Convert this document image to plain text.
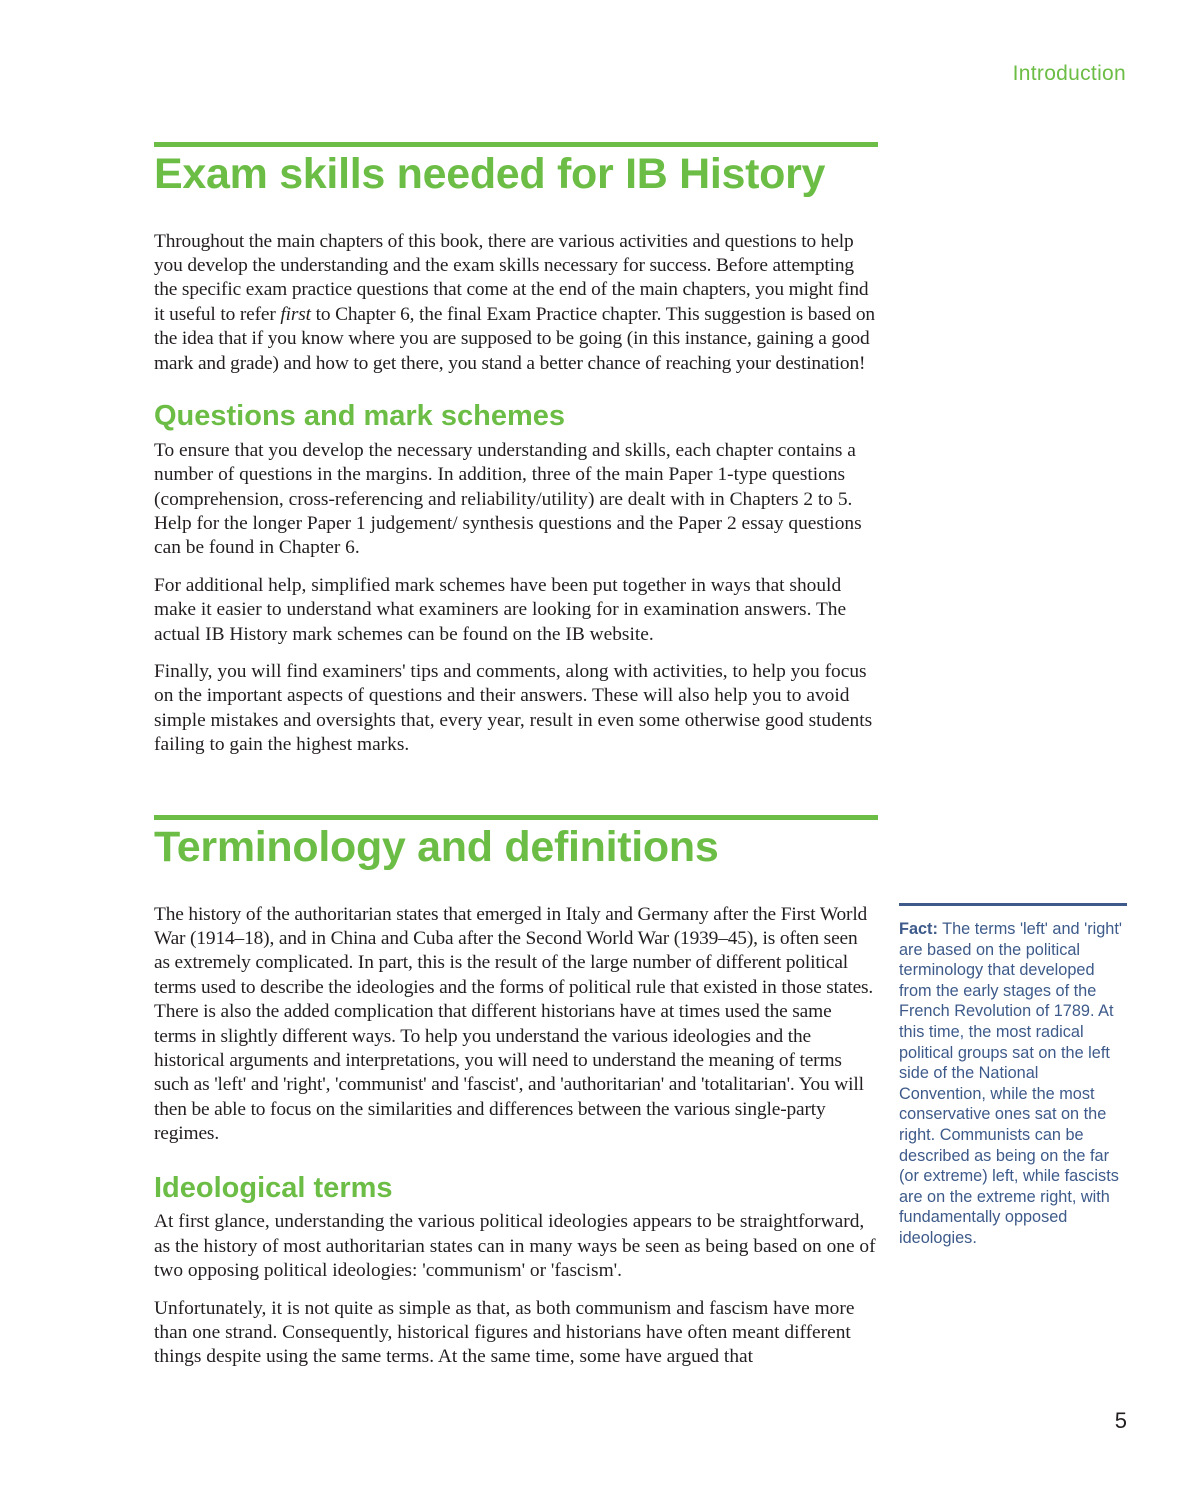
Introduction
Exam skills needed for IB History

Throughout the main chapters of this book, there are various activities and questions to help you develop the understanding and the exam skills necessary for success. Before attempting the specific exam practice questions that come at the end of the main chapters, you might find it useful to refer first to Chapter 6, the final Exam Practice chapter. This suggestion is based on the idea that if you know where you are supposed to be going (in this instance, gaining a good mark and grade) and how to get there, you stand a better chance of reaching your destination!

Questions and mark schemes

To ensure that you develop the necessary understanding and skills, each chapter contains a number of questions in the margins. In addition, three of the main Paper 1-type questions (comprehension, cross-referencing and reliability/utility) are dealt with in Chapters 2 to 5. Help for the longer Paper 1 judgement/ synthesis questions and the Paper 2 essay questions can be found in Chapter 6.

For additional help, simplified mark schemes have been put together in ways that should make it easier to understand what examiners are looking for in examination answers. The actual IB History mark schemes can be found on the IB website.

Finally, you will find examiners' tips and comments, along with activities, to help you focus on the important aspects of questions and their answers. These will also help you to avoid simple mistakes and oversights that, every year, result in even some otherwise good students failing to gain the highest marks.

Terminology and definitions

The history of the authoritarian states that emerged in Italy and Germany after the First World War (1914–18), and in China and Cuba after the Second World War (1939–45), is often seen as extremely complicated. In part, this is the result of the large number of different political terms used to describe the ideologies and the forms of political rule that existed in those states. There is also the added complication that different historians have at times used the same terms in slightly different ways. To help you understand the various ideologies and the historical arguments and interpretations, you will need to understand the meaning of terms such as 'left' and 'right', 'communist' and 'fascist', and 'authoritarian' and 'totalitarian'. You will then be able to focus on the similarities and differences between the various single-party regimes.

Ideological terms

At first glance, understanding the various political ideologies appears to be straightforward, as the history of most authoritarian states can in many ways be seen as being based on one of two opposing political ideologies: 'communism' or 'fascism'.

Unfortunately, it is not quite as simple as that, as both communism and fascism have more than one strand. Consequently, historical figures and historians have often meant different things despite using the same terms. At the same time, some have argued that

Fact: The terms 'left' and 'right' are based on the political terminology that developed from the early stages of the French Revolution of 1789. At this time, the most radical political groups sat on the left side of the National Convention, while the most conservative ones sat on the right. Communists can be described as being on the far (or extreme) left, while fascists are on the extreme right, with fundamentally opposed ideologies.
5
